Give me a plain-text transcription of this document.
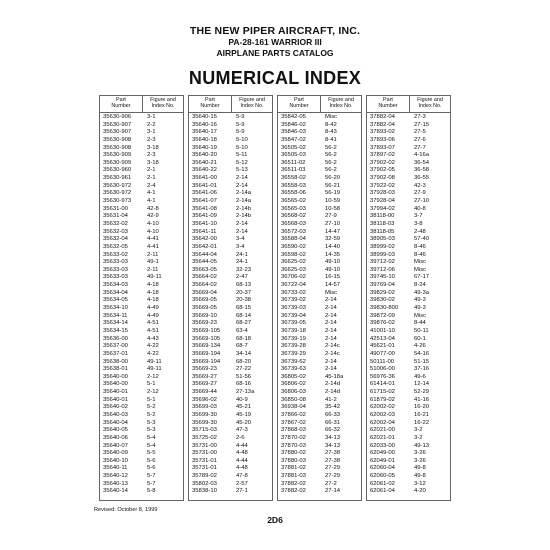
THE NEW PIPER AIRCRAFT, INC.
PA-28-161 WARRIOR III
AIRPLANE PARTS CATALOG
NUMERICAL INDEX
Part
Number
Figure and
Index No.
35630-906	3-1
35630-907	2-2
35630-907	3-1
35630-908	2-3
35630-908	3-18
35630-909	2-3
35630-909	3-18
35630-960	2-1
35630-961	2-1
35630-972	2-4
35630-972	4-1
35630-973	4-1
35631-00	42-8
35631-04	42-9
35632-02	4-10
35632-03	4-10
35632-04	4-41
35632-05	4-41
35633-02	2-11
35633-03	49-1
35633-03	2-11
35633-03	49-11
35634-03	4-18
35634-04	4-18
35634-05	4-18
35634-10	4-49
35634-11	4-49
35634-14	4-51
35634-15	4-51
35636-00	4-43
35637-00	4-22
35637-01	4-22
35638-00	49-11
35638-01	49-11
35640-00	2-12
35640-00	5-1
35640-01	2-12
35640-01	5-1
35640-02	5-2
35640-03	5-2
35640-04	5-3
35640-05	5-3
35640-06	5-4
35640-07	5-4
35640-09	5-5
35640-10	5-6
35640-11	5-6
35640-12	5-7
35640-13	5-7
35640-14	5-8
Part
Number
Figure and
Index No.
35640-15	5-9
35640-16	5-9
35640-17	5-9
35640-18	5-10
35640-19	5-10
35640-20	5-11
35640-21	5-12
35640-22	5-13
35641-00	2-14
35641-01	2-14
35641-06	2-14a
35641-07	2-14a
35641-08	2-14b
35641-09	2-14b
35641-10	2-14
35641-11	2-14
35642-00	3-4
35642-01	3-4
35644-04	24-1
35644-05	24-1
35663-05	32-23
35664-02	2-47
35664-02	68-13
35669-04	20-37
35669-05	20-38
35669-05	68-15
35669-10	68-14
35669-23	68-27
35669-105	63-4
35669-105	68-18
35669-134	68-7
35669-194	34-14
35669-194	68-20
35669-23	27-22
35669-27	51-56
35669-27	68-16
35669-44	27-13a
35696-02	40-9
35699-03	45-21
35699-30	45-19
35699-30	45-20
35715-03	47-3
35725-02	2-6
35731-00	4-44
35731-00	4-48
35731-01	4-44
35731-01	4-48
35789-02	47-8
35802-03	2-57
35838-10	27-1
Part
Number
Figure and
Index No.
35842-05	Misc
35846-02	8-42
35846-03	8-43
35847-02	8-41
36505-02	56-2
36505-03	56-2
36511-02	56-2
36511-03	56-2
36558-02	56-20
36558-03	56-21
36558-06	56-19
36565-02	10-59
36565-03	10-58
36568-02	27-9
36568-03	27-10
36572-03	14-47
36588-04	32-59
36590-02	14-40
36598-02	14-35
36625-02	49-10
36625-03	49-10
36706-02	16-15
36722-04	14-57
36733-02	Misc
36739-02	2-14
36739-03	2-14
36739-04	2-14
36739-05	2-14
36739-18	2-14
36739-19	2-14
36739-28	2-14c
36739-29	2-14c
36739-62	2-14
36739-63	2-14
36805-02	45-18a
36806-02	2-14d
36806-03	2-14d
36850-08	41-2
36938-04	35-42
37866-02	66-33
37867-02	66-31
37868-03	66-32
37870-02	34-13
37870-03	34-13
37880-02	27-38
37880-03	27-38
37881-02	27-29
37881-03	27-29
37882-02	27-2
37882-02	27-14
Part
Number
Figure and
Index No.
37882-04	27-3
37882-04	27-15
37893-02	27-5
37893-06	27-6
37893-07	27-7
37897-02	4-16a
37902-02	36-54
37902-05	36-58
37902-08	36-55
37922-02	42-3
37928-03	27-9
37928-04	27-10
37994-02	40-8
38118-00	3-7
38118-03	3-8
38118-05	2-48
38905-03	57-40
38999-02	8-46
38999-03	8-46
39712-02	Misc
39712-06	Misc
39745-10	67-17
39769-04	8-24
39829-02	49-3a
39830-02	49-3
39830-800	49-3
39872-09	Misc
39876-02	8-44
41001-10	50-11
42513-04	60-1
45621-01	4-26
49077-00	54-16
50111-00	51-15
51006-00	37-16
56976-36	49-6
61414-01	12-14
61715-02	52-29
61879-02	41-16
62002-02	16-20
62002-03	16-21
62002-04	16-22
62021-00	3-2
62021-01	3-2
62033-00	49-13
62049-00	3-26
62049-01	3-26
62060-04	49-8
62060-05	49-8
62061-02	3-12
62061-04	4-20
Revised: October 8, 1999
2D6
